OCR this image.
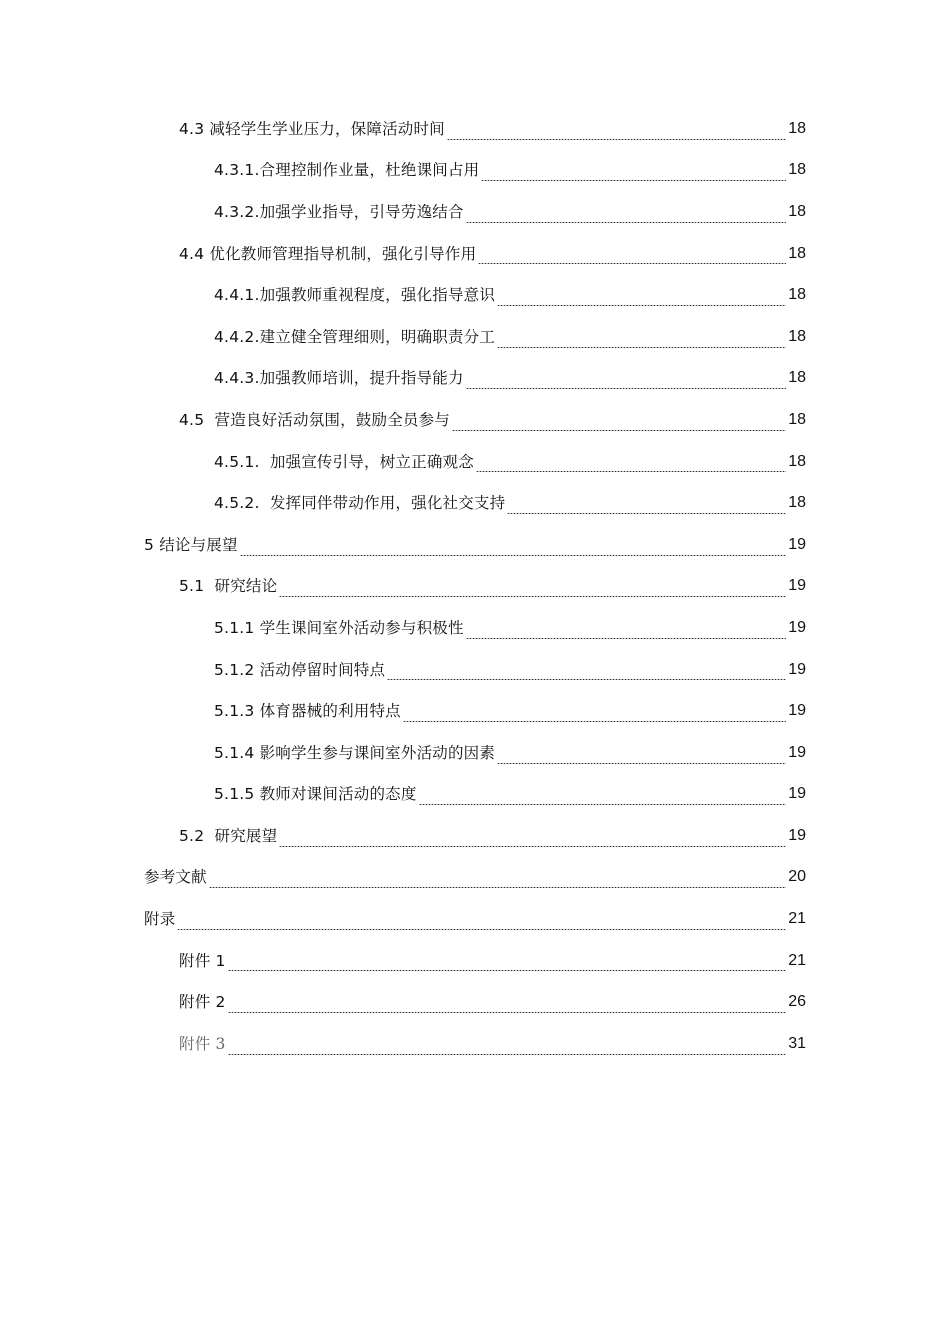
4.3 减轻学生学业压力，保障活动时间	18
4.3.1.合理控制作业量，杜绝课间占用	18
4.3.2.加强学业指导，引导劳逸结合	18
4.4 优化教师管理指导机制，强化引导作用	18
4.4.1.加强教师重视程度，强化指导意识	18
4.4.2.建立健全管理细则，明确职责分工	18
4.4.3.加强教师培训，提升指导能力	18
4.5  营造良好活动氛围，鼓励全员参与	18
4.5.1.  加强宣传引导，树立正确观念	18
4.5.2.  发挥同伴带动作用，强化社交支持	18
5 结论与展望	19
5.1  研究结论	19
5.1.1 学生课间室外活动参与积极性	19
5.1.2 活动停留时间特点	19
5.1.3 体育器械的利用特点	19
5.1.4 影响学生参与课间室外活动的因素	19
5.1.5 教师对课间活动的态度	19
5.2  研究展望	19
参考文献	20
附录	21
附件 1	21
附件 2	26
附件 3	31
